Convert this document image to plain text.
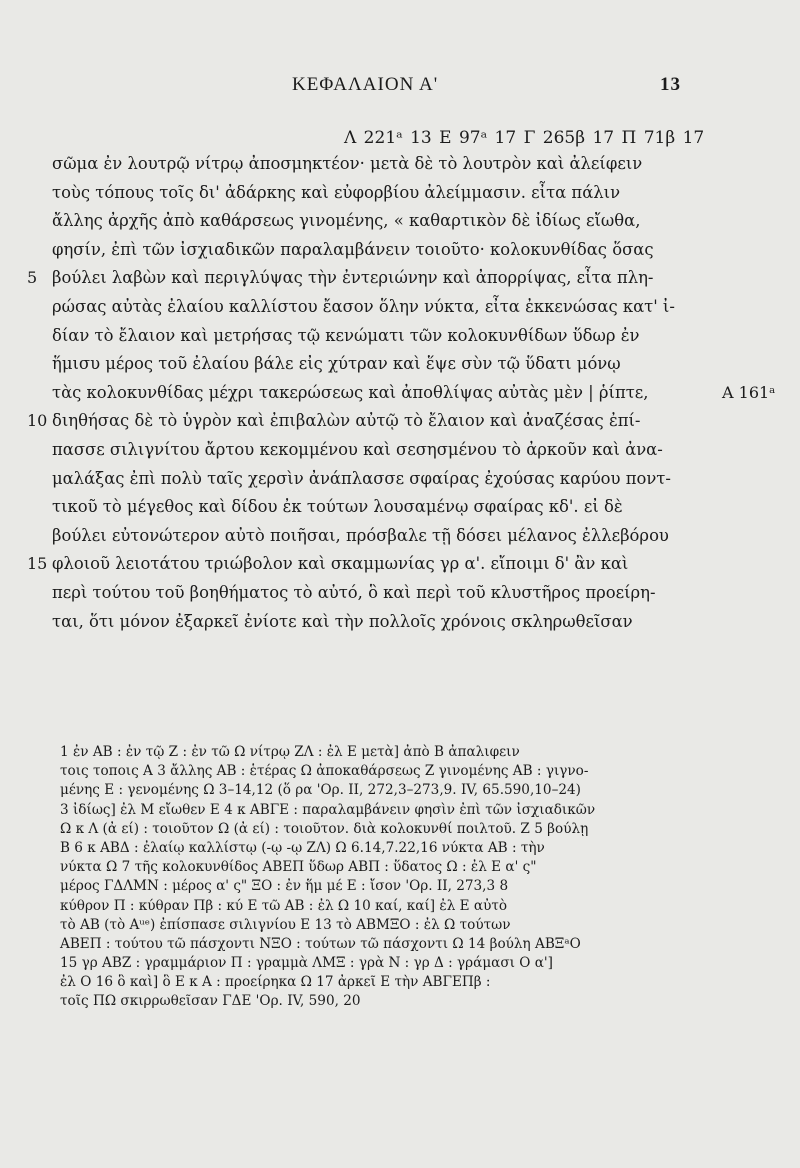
ΚΕΦΑΛΑΙΟΝ Α'	13
Λ 221ᵃ 13 Ε 97ᵃ 17 Γ 265β 17 Π 71β 17
σῶμα ἐν λουτρῷ νίτρῳ ἀποσμηκτέον· μετὰ δὲ τὸ λουτρὸν καὶ ἀλείφειν
τοὺς τόπους τοῖς δι' ἀδάρκης καὶ εὐφορβίου ἀλείμμασιν. εἶτα πάλιν
ἄλλης ἀρχῆς ἀπὸ καθάρσεως γινομένης, « καθαρτικὸν δὲ ἰδίως εἴωθα,
φησίν, ἐπὶ τῶν ἰσχιαδικῶν παραλαμβάνειν τοιοῦτο· κολοκυνθίδας ὅσας
5 βούλει λαβὼν καὶ περιγλύψας τὴν ἐντεριώνην καὶ ἀπορρίψας, εἶτα πλη-
ρώσας αὐτὰς ἐλαίου καλλίστου ἔασον ὅλην νύκτα, εἶτα ἐκκενώσας κατ' ἰ-
δίαν τὸ ἔλαιον καὶ μετρήσας τῷ κενώματι τῶν κολοκυνθίδων ὕδωρ ἐν
ἥμισυ μέρος τοῦ ἐλαίου βάλε εἰς χύτραν καὶ ἕψε σὺν τῷ ὕδατι μόνῳ
τὰς κολοκυνθίδας μέχρι τακερώσεως καὶ ἀποθλίψας αὐτὰς μὲν | ῥίπτε,	Α 161ᵃ
10 διηθήσας δὲ τὸ ὑγρὸν καὶ ἐπιβαλὼν αὐτῷ τὸ ἔλαιον καὶ ἀναζέσας ἐπί-
πασσε σιλιγνίτου ἄρτου κεκομμένου καὶ σεσησμένου τὸ ἀρκοῦν καὶ ἀνα-
μαλάξας ἐπὶ πολὺ ταῖς χερσὶν ἀνάπλασσε σφαίρας ἐχούσας καρύου ποντ-
τικοῦ τὸ μέγεθος καὶ δίδου ἐκ τούτων λουσαμένῳ σφαίρας κδ'. εἰ δὲ
βούλει εὐτονώτερον αὐτὸ ποιῆσαι, πρόσβαλε τῇ δόσει μέλανος ἐλλεβόρου
15 φλοιοῦ λειοτάτου τριώβολον καὶ σκαμμωνίας γρ α'. εἴποιμι δ' ἂν καὶ
περὶ τούτου τοῦ βοηθήματος τὸ αὐτό, ὃ καὶ περὶ τοῦ κλυστῆρος προείρη-
ται, ὅτι μόνον ἐξαρκεῖ ἐνίοτε καὶ τὴν πολλοῖς χρόνοις σκληρωθεῖσαν
1 ἐν ΑΒ : ἐν τῷ Ζ : ἐν τῶ Ω νίτρῳ ΖΛ : ἐλ Ε μετὰ] ἀπὸ Β ἀπαλιφειν
τοις τοποις Α 3 ἄλλης ΑΒ : ἑτέρας Ω ἀποκαθάρσεως Ζ γινομένης ΑΒ : γιγνο-
μένης Ε : γενομένης Ω 3–14,12 (ὅ ρα 'Ορ. ΙΙ, 272,3–273,9. IV, 65.590,10–24)
3 ἰδίως] ἐλ Μ εἴωθεν Ε 4 κ ΑΒΓΕ : παραλαμβάνειν φησὶν ἐπὶ τῶν ἰσχιαδικῶν
Ω κ Λ (ἀ εί) : τοιοῦτον Ω (ἀ εί) : τοιοῦτον. διὰ κολοκυνθί ποιλτοῦ. Ζ 5 βούλῃ
Β 6 κ ΑΒΔ : ἐλαίῳ καλλίστῳ (-ῳ -ῳ ΖΛ) Ω 6.14,7.22,16 νύκτα ΑΒ : τὴν
νύκτα Ω 7 τῆς κολοκυνθίδος ΑΒΕΠ ὕδωρ ΑΒΠ : ὕδατος Ω : ἐλ Ε α' ς"
μέρος ΓΔΛΜΝ : μέρος α' ς" ΞΟ : ἐν ἥμ μέ Ε : ἴσον 'Ορ. ΙΙ, 273,3 8
κύθρον Π : κύθραν Πβ : κύ Ε τῶ ΑΒ : ἐλ Ω 10 καί, καί] ἐλ Ε αὐτὸ
τὸ ΑΒ (τὸ Αᵘᵉ) ἐπίσπασε σιλιγνίου Ε 13 τὸ ΑΒΜΞΟ : ἐλ Ω τούτων
ΑΒΕΠ : τούτου τῶ πάσχοντι ΝΞΟ : τούτων τῶ πάσχοντι Ω 14 βούλη ΑΒΞᵃΟ
15 γρ ΑΒΖ : γραμμάριον Π : γραμμὰ ΛΜΞ : γρὰ Ν : γρ Δ : γράμασι Ο α']
ἐλ Ο 16 ὃ καὶ] ὃ Ε κ Α : προείρηκα Ω 17 ἀρκεῖ Ε τὴν ΑΒΓΕΠβ :
τοῖς ΠΩ σκιρρωθεῖσαν ΓΔΕ 'Ορ. IV, 590, 20
